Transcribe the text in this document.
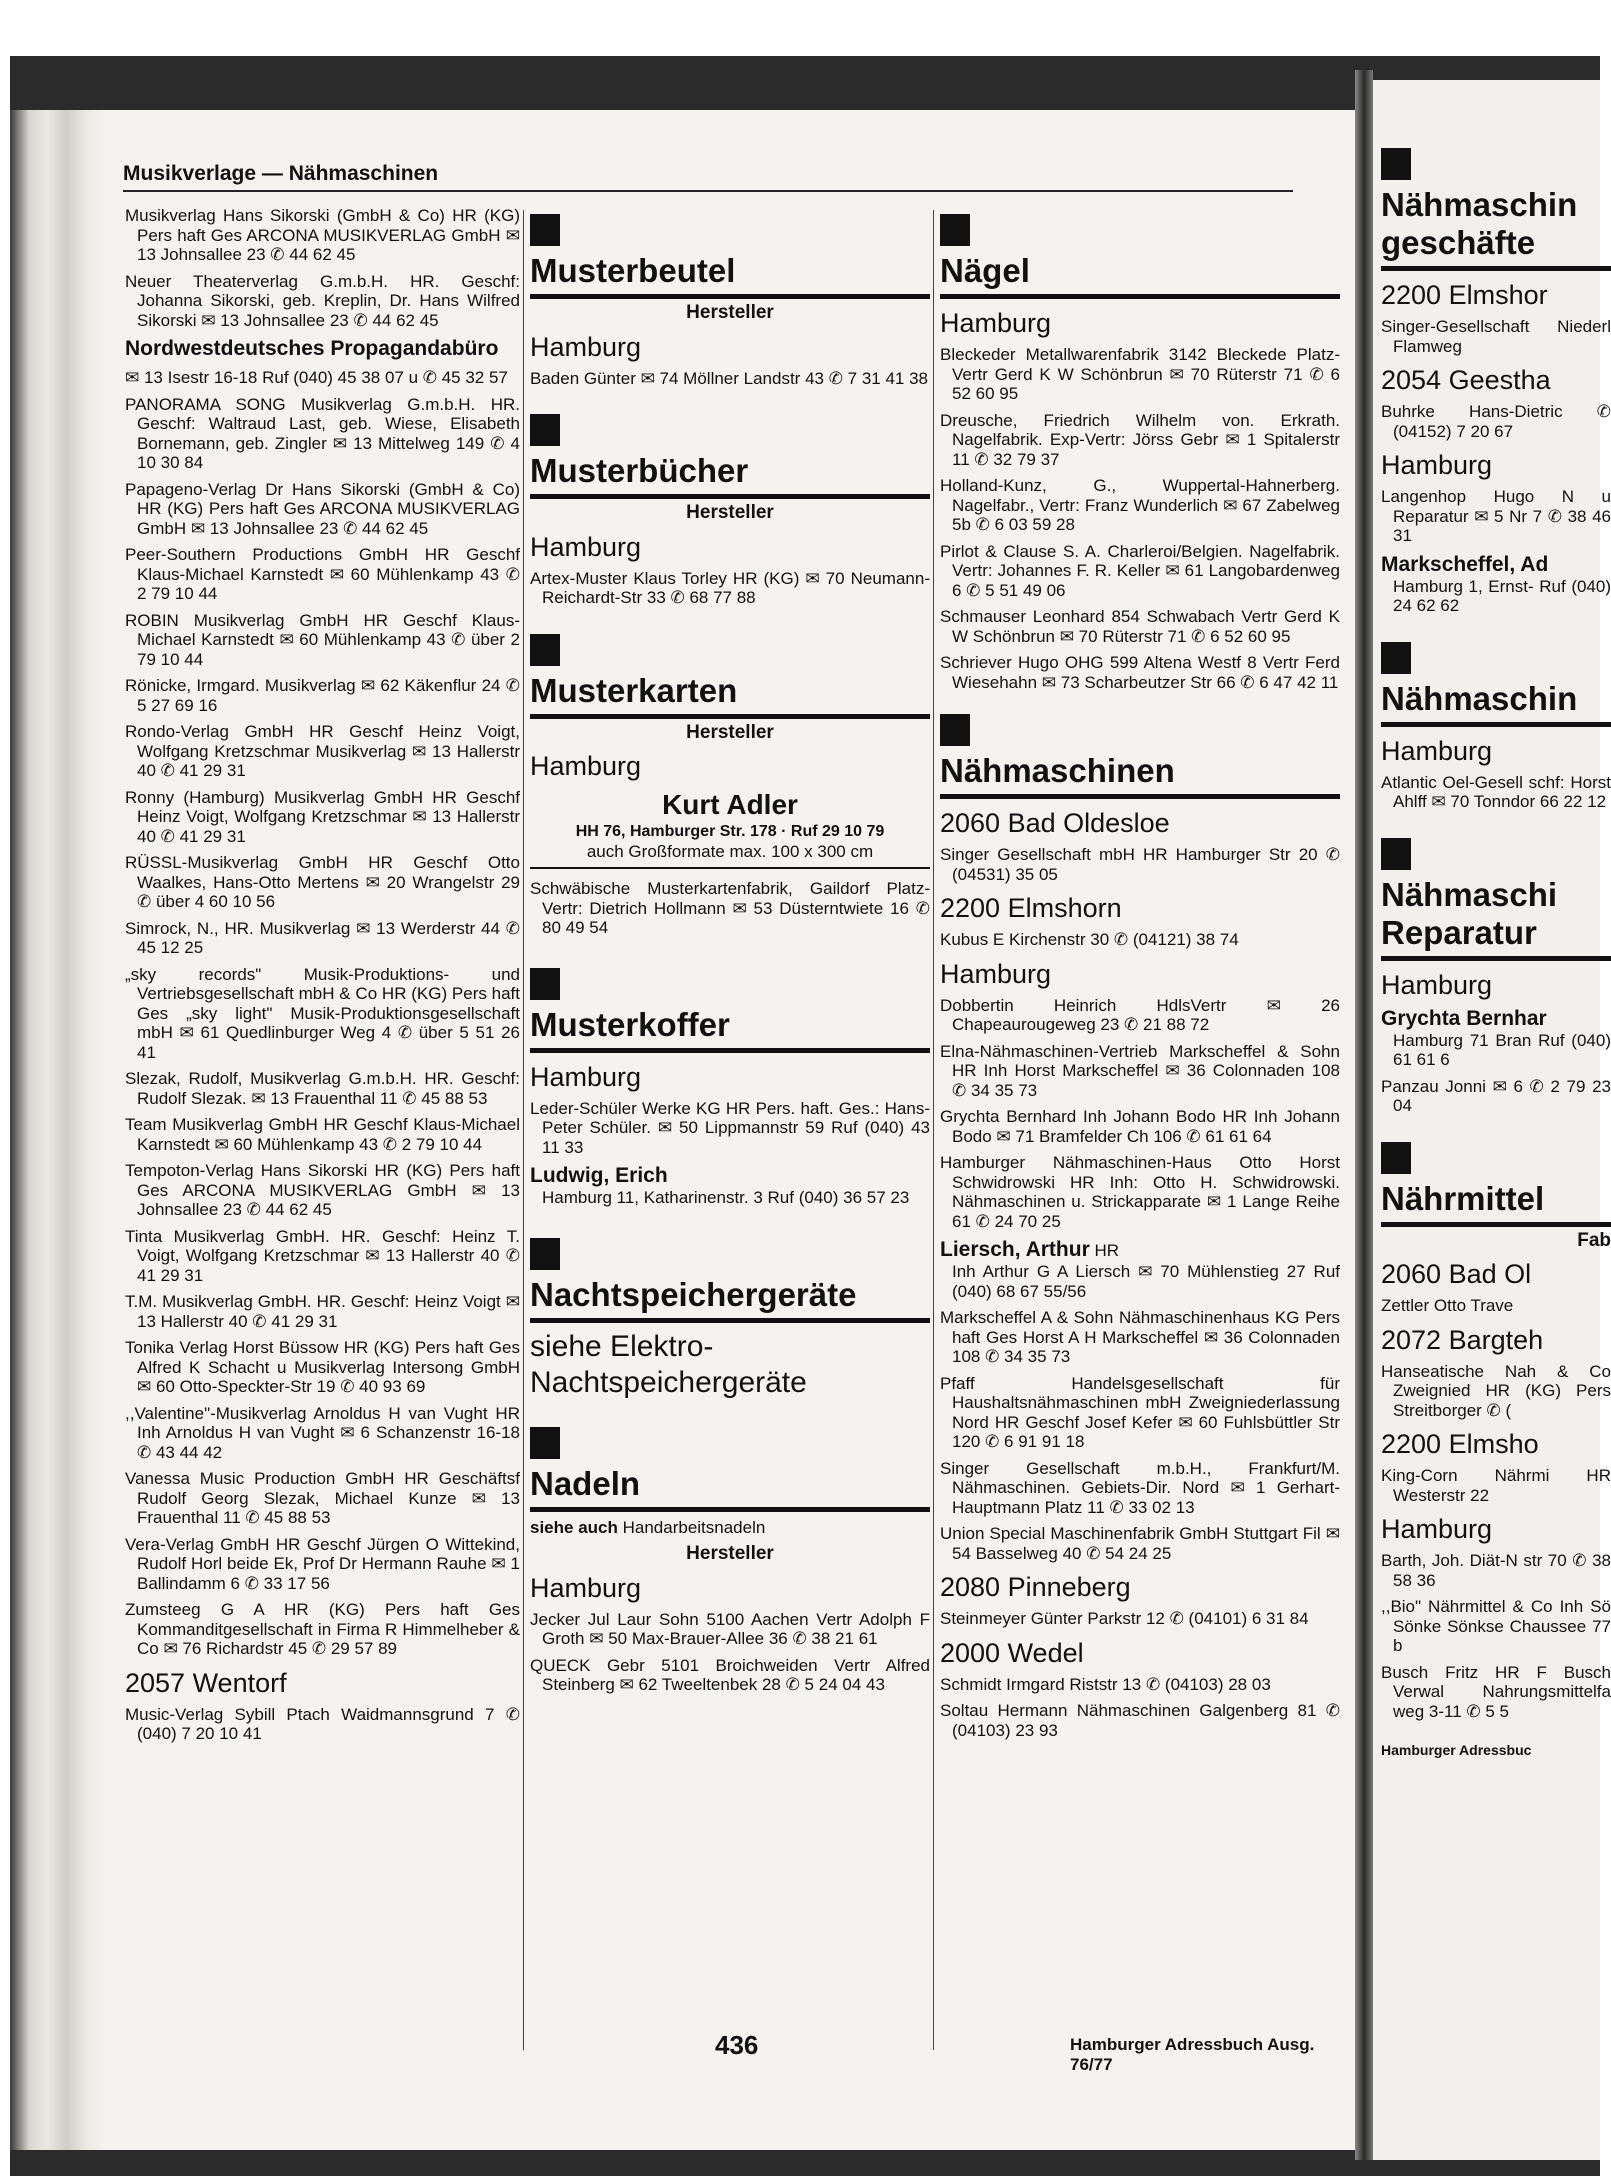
Musikverlage — Nähmaschinen
Musikverlag Hans Sikorski (GmbH & Co) HR (KG) Pers haft Ges ARCONA MUSIKVERLAG GmbH ✉ 13 Johnsallee 23 ✆ 44 62 45
Neuer Theaterverlag G.m.b.H. HR. Geschf: Johanna Sikorski, geb. Kreplin, Dr. Hans Wilfred Sikorski ✉ 13 Johnsallee 23 ✆ 44 62 45
Nordwestdeutsches Propagandabüro
✉ 13 Isestr 16-18 Ruf (040) 45 38 07 u ✆ 45 32 57
PANORAMA SONG Musikverlag G.m.b.H. HR. Geschf: Waltraud Last, geb. Wiese, Elisabeth Bornemann, geb. Zingler ✉ 13 Mittelweg 149 ✆ 4 10 30 84
Papageno-Verlag Dr Hans Sikorski (GmbH & Co) HR (KG) Pers haft Ges ARCONA MUSIKVERLAG GmbH ✉ 13 Johnsallee 23 ✆ 44 62 45
Peer-Southern Productions GmbH HR Geschf Klaus-Michael Karnstedt ✉ 60 Mühlenkamp 43 ✆ 2 79 10 44
ROBIN Musikverlag GmbH HR Geschf Klaus-Michael Karnstedt ✉ 60 Mühlenkamp 43 ✆ über 2 79 10 44
Rönicke, Irmgard. Musikverlag ✉ 62 Käkenflur 24 ✆ 5 27 69 16
Rondo-Verlag GmbH HR Geschf Heinz Voigt, Wolfgang Kretzschmar Musikverlag ✉ 13 Hallerstr 40 ✆ 41 29 31
Ronny (Hamburg) Musikverlag GmbH HR Geschf Heinz Voigt, Wolfgang Kretzschmar ✉ 13 Hallerstr 40 ✆ 41 29 31
RÜSSL-Musikverlag GmbH HR Geschf Otto Waalkes, Hans-Otto Mertens ✉ 20 Wrangelstr 29 ✆ über 4 60 10 56
Simrock, N., HR. Musikverlag ✉ 13 Werderstr 44 ✆ 45 12 25
„sky records" Musik-Produktions- und Vertriebsgesellschaft mbH & Co HR (KG) Pers haft Ges „sky light" Musik-Produktionsgesellschaft mbH ✉ 61 Quedlinburger Weg 4 ✆ über 5 51 26 41
Slezak, Rudolf, Musikverlag G.m.b.H. HR. Geschf: Rudolf Slezak. ✉ 13 Frauenthal 11 ✆ 45 88 53
Team Musikverlag GmbH HR Geschf Klaus-Michael Karnstedt ✉ 60 Mühlenkamp 43 ✆ 2 79 10 44
Tempoton-Verlag Hans Sikorski HR (KG) Pers haft Ges ARCONA MUSIKVERLAG GmbH ✉ 13 Johnsallee 23 ✆ 44 62 45
Tinta Musikverlag GmbH. HR. Geschf: Heinz T. Voigt, Wolfgang Kretzschmar ✉ 13 Hallerstr 40 ✆ 41 29 31
T.M. Musikverlag GmbH. HR. Geschf: Heinz Voigt ✉ 13 Hallerstr 40 ✆ 41 29 31
Tonika Verlag Horst Büssow HR (KG) Pers haft Ges Alfred K Schacht u Musikverlag Intersong GmbH ✉ 60 Otto-Speckter-Str 19 ✆ 40 93 69
,,Valentine"-Musikverlag Arnoldus H van Vught HR Inh Arnoldus H van Vught ✉ 6 Schanzenstr 16-18 ✆ 43 44 42
Vanessa Music Production GmbH HR Geschäftsf Rudolf Georg Slezak, Michael Kunze ✉ 13 Frauenthal 11 ✆ 45 88 53
Vera-Verlag GmbH HR Geschf Jürgen O Wittekind, Rudolf Horl beide Ek, Prof Dr Hermann Rauhe ✉ 1 Ballindamm 6 ✆ 33 17 56
Zumsteeg G A HR (KG) Pers haft Ges Kommanditgesellschaft in Firma R Himmelheber & Co ✉ 76 Richardstr 45 ✆ 29 57 89
2057 Wentorf
Music-Verlag Sybill Ptach Waidmannsgrund 7 ✆ (040) 7 20 10 41
Musterbeutel
Hersteller
Hamburg
Baden Günter ✉ 74 Möllner Landstr 43 ✆ 7 31 41 38
Musterbücher
Hersteller
Hamburg
Artex-Muster Klaus Torley HR (KG) ✉ 70 Neumann-Reichardt-Str 33 ✆ 68 77 88
Musterkarten
Hersteller
Hamburg
Kurt Adler
HH 76, Hamburger Str. 178 · Ruf 29 10 79
auch Großformate max. 100 x 300 cm
Schwäbische Musterkartenfabrik, Gaildorf Platz-Vertr: Dietrich Hollmann ✉ 53 Düsterntwiete 16 ✆ 80 49 54
Musterkoffer
Hamburg
Leder-Schüler Werke KG HR Pers. haft. Ges.: Hans-Peter Schüler. ✉ 50 Lippmannstr 59 Ruf (040) 43 11 33
Ludwig, Erich
Hamburg 11, Katharinenstr. 3 Ruf (040) 36 57 23
Nachtspeichergeräte
siehe Elektro-Nachtspeichergeräte
Nadeln
siehe auch Handarbeitsnadeln
Hersteller
Hamburg
Jecker Jul Laur Sohn 5100 Aachen Vertr Adolph F Groth ✉ 50 Max-Brauer-Allee 36 ✆ 38 21 61
QUECK Gebr 5101 Broichweiden Vertr Alfred Steinberg ✉ 62 Tweeltenbek 28 ✆ 5 24 04 43
Nägel
Hamburg
Bleckeder Metallwarenfabrik 3142 Bleckede Platz-Vertr Gerd K W Schönbrun ✉ 70 Rüterstr 71 ✆ 6 52 60 95
Dreusche, Friedrich Wilhelm von. Erkrath. Nagelfabrik. Exp-Vertr: Jörss Gebr ✉ 1 Spitalerstr 11 ✆ 32 79 37
Holland-Kunz, G., Wuppertal-Hahnerberg. Nagelfabr., Vertr: Franz Wunderlich ✉ 67 Zabelweg 5b ✆ 6 03 59 28
Pirlot & Clause S. A. Charleroi/Belgien. Nagelfabrik. Vertr: Johannes F. R. Keller ✉ 61 Langobardenweg 6 ✆ 5 51 49 06
Schmauser Leonhard 854 Schwabach Vertr Gerd K W Schönbrun ✉ 70 Rüterstr 71 ✆ 6 52 60 95
Schriever Hugo OHG 599 Altena Westf 8 Vertr Ferd Wiesehahn ✉ 73 Scharbeutzer Str 66 ✆ 6 47 42 11
Nähmaschinen
2060 Bad Oldesloe
Singer Gesellschaft mbH HR Hamburger Str 20 ✆ (04531) 35 05
2200 Elmshorn
Kubus E Kirchenstr 30 ✆ (04121) 38 74
Hamburg
Dobbertin Heinrich HdlsVertr ✉ 26 Chapeaurougeweg 23 ✆ 21 88 72
Elna-Nähmaschinen-Vertrieb Markscheffel & Sohn HR Inh Horst Markscheffel ✉ 36 Colonnaden 108 ✆ 34 35 73
Grychta Bernhard Inh Johann Bodo HR Inh Johann Bodo ✉ 71 Bramfelder Ch 106 ✆ 61 61 64
Hamburger Nähmaschinen-Haus Otto Horst Schwidrowski HR Inh: Otto H. Schwidrowski. Nähmaschinen u. Strickapparate ✉ 1 Lange Reihe 61 ✆ 24 70 25
Liersch, Arthur HR
Inh Arthur G A Liersch ✉ 70 Mühlenstieg 27 Ruf (040) 68 67 55/56
Markscheffel A & Sohn Nähmaschinenhaus KG Pers haft Ges Horst A H Markscheffel ✉ 36 Colonnaden 108 ✆ 34 35 73
Pfaff Handelsgesellschaft für Haushaltsnähmaschinen mbH Zweigniederlassung Nord HR Geschf Josef Kefer ✉ 60 Fuhlsbüttler Str 120 ✆ 6 91 91 18
Singer Gesellschaft m.b.H., Frankfurt/M. Nähmaschinen. Gebiets-Dir. Nord ✉ 1 Gerhart-Hauptmann Platz 11 ✆ 33 02 13
Union Special Maschinenfabrik GmbH Stuttgart Fil ✉ 54 Basselweg 40 ✆ 54 24 25
2080 Pinneberg
Steinmeyer Günter Parkstr 12 ✆ (04101) 6 31 84
2000 Wedel
Schmidt Irmgard Riststr 13 ✆ (04103) 28 03
Soltau Hermann Nähmaschinen Galgenberg 81 ✆ (04103) 23 93
436	Hamburger Adressbuch Ausg. 76/77
Nähmaschin geschäfte
2200 Elmshor
Singer-Gesellschaft Niederl Flamweg
2054 Geestha
Buhrke Hans-Dietric ✆ (04152) 7 20 67
Hamburg
Langenhop Hugo N u Reparatur ✉ 5 Nr 7 ✆ 38 46 31
Markscheffel, Ad
Hamburg 1, Ernst- Ruf (040) 24 62 62
Nähmaschin
Hamburg
Atlantic Oel-Gesell schf: Horst Ahlff ✉ 70 Tonndor 66 22 12
Nähmaschi Reparatur
Hamburg
Grychta Bernhar
Hamburg 71 Bran Ruf (040) 61 61 6
Panzau Jonni ✉ 6 ✆ 2 79 23 04
Nährmittel
Fab
2060 Bad Ol
Zettler Otto Trave
2072 Bargteh
Hanseatische Nah & Co Zweignied HR (KG) Pers Streitborger ✆ (
2200 Elmsho
King-Corn Nährmi HR Westerstr 22
Hamburg
Barth, Joh. Diät-N str 70 ✆ 38 58 36
,,Bio" Nährmittel & Co Inh Sö Sönke Sönkse Chaussee 77 b
Busch Fritz HR F Busch Verwal Nahrungsmittelfa weg 3-11 ✆ 5 5
Hamburger Adressbuc
